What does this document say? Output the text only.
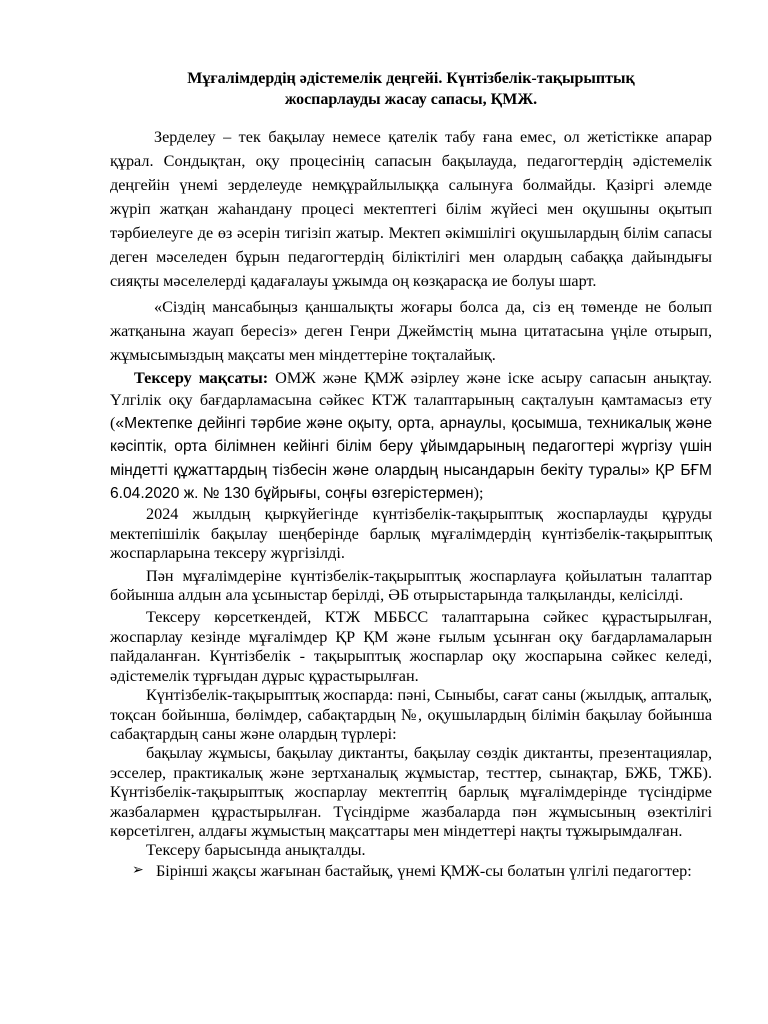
Мұғалімдердің әдістемелік деңгейі. Күнтізбелік-тақырыптық
жоспарлауды жасау сапасы, ҚМЖ.

Зерделеу – тек бақылау немесе қателік табу ғана емес, ол жетістікке апарар құрал. Сондықтан, оқу процесінің сапасын бақылауда, педагогтердің әдістемелік деңгейін үнемі зерделеуде немқұрайлылыққа салынуға болмайды. Қазіргі әлемде жүріп жатқан жаһандану процесі мектептегі білім жүйесі мен оқушыны оқытып тәрбиелеуге де өз әсерін тигізіп жатыр. Мектеп әкімшілігі оқушылардың білім сапасы деген мәселеден бұрын педагогтердің біліктілігі мен олардың сабаққа дайындығы сияқты мәселелерді қадағалауы ұжымда оң көзқарасқа ие болуы шарт.

«Сіздің мансабыңыз қаншалықты жоғары болса да, сіз ең төменде не болып жатқанына жауап бересіз» деген Генри Джеймстің мына цитатасына үңіле отырып, жұмысымыздың мақсаты мен міндеттеріне тоқталайық.

Тексеру мақсаты: ОМЖ және ҚМЖ әзірлеу және іске асыру сапасын анықтау. Үлгілік оқу бағдарламасына сәйкес КТЖ талаптарының сақталуын қамтамасыз ету («Мектепке дейінгі тәрбие және оқыту, орта, арнаулы, қосымша, техникалық және кәсіптік, орта білімнен кейінгі білім беру ұйымдарының педагогтері жүргізу үшін міндетті құжаттардың тізбесін және олардың нысандарын бекіту туралы» ҚР БҒМ 6.04.2020 ж. № 130 бұйрығы, соңғы өзгерістермен);

2024 жылдың қыркүйегінде күнтізбелік-тақырыптық жоспарлауды құруды мектепішілік бақылау шеңберінде барлық мұғалімдердің күнтізбелік-тақырыптық жоспарларына тексеру жүргізілді.

Пән мұғалімдеріне күнтізбелік-тақырыптық жоспарлауға қойылатын талаптар бойынша алдын ала ұсыныстар берілді, ӘБ отырыстарында талқыланды, келісілді.

Тексеру көрсеткендей, КТЖ МББСС талаптарына сәйкес құрастырылған, жоспарлау кезінде мұғалімдер ҚР ҚМ және ғылым ұсынған оқу бағдарламаларын пайдаланған. Күнтізбелік - тақырыптық жоспарлар оқу жоспарына сәйкес келеді, әдістемелік тұрғыдан дұрыс құрастырылған.

Күнтізбелік-тақырыптық жоспарда: пәні, Сыныбы, сағат саны (жылдық, апталық, тоқсан бойынша, бөлімдер, сабақтардың №, оқушылардың білімін бақылау бойынша сабақтардың саны және олардың түрлері:

бақылау жұмысы, бақылау диктанты, бақылау сөздік диктанты, презентациялар, эсселер, практикалық және зертханалық жұмыстар, тесттер, сынақтар, БЖБ, ТЖБ). Күнтізбелік-тақырыптық жоспарлау мектептің барлық мұғалімдерінде түсіндірме жазбалармен құрастырылған. Түсіндірме жазбаларда пән жұмысының өзектілігі көрсетілген, алдағы жұмыстың мақсаттары мен міндеттері нақты тұжырымдалған.

Тексеру барысында анықталды.

➢ Бірінші жақсы жағынан бастайық, үнемі ҚМЖ-сы болатын үлгілі педагогтер:
